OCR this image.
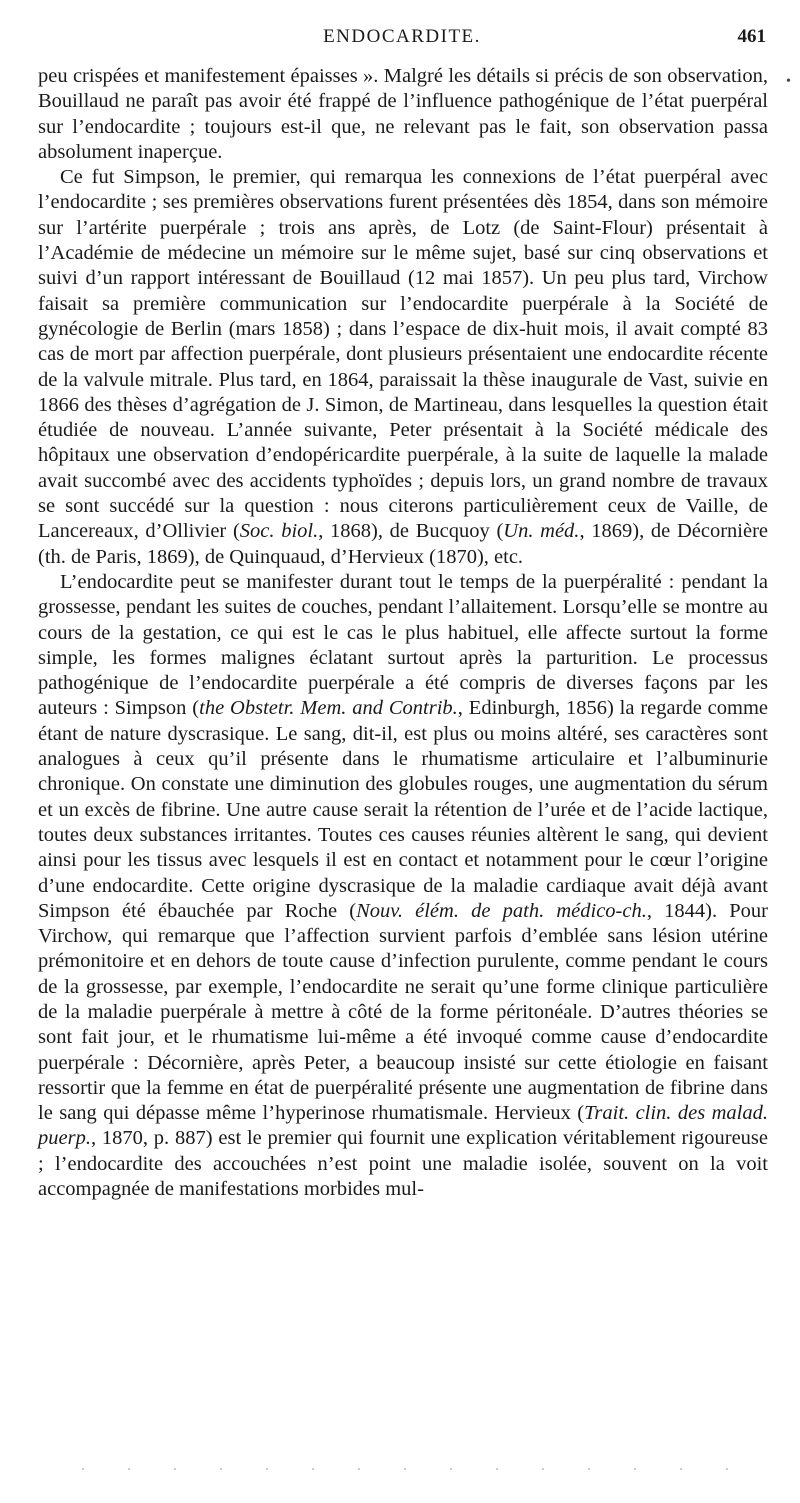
ENDOCARDITE.	461
•

peu crispées et manifestement épaisses ». Malgré les détails si précis de son observation, Bouillaud ne paraît pas avoir été frappé de l’influence pathogénique de l’état puerpéral sur l’endocardite ; toujours est-il que, ne relevant pas le fait, son observation passa absolument inaperçue.

Ce fut Simpson, le premier, qui remarqua les connexions de l’état puerpéral avec l’endocardite ; ses premières observations furent présentées dès 1854, dans son mémoire sur l’artérite puerpérale ; trois ans après, de Lotz (de Saint-Flour) présentait à l’Académie de médecine un mémoire sur le même sujet, basé sur cinq observations et suivi d’un rapport intéressant de Bouillaud (12 mai 1857). Un peu plus tard, Virchow faisait sa première communication sur l’endocardite puerpérale à la Société de gynécologie de Berlin (mars 1858) ; dans l’espace de dix-huit mois, il avait compté 83 cas de mort par affection puerpérale, dont plusieurs présentaient une endocardite récente de la valvule mitrale. Plus tard, en 1864, paraissait la thèse inaugurale de Vast, suivie en 1866 des thèses d’agrégation de J. Simon, de Martineau, dans lesquelles la question était étudiée de nouveau. L’année suivante, Peter présentait à la Société médicale des hôpitaux une observation d’endopéricardite puerpérale, à la suite de laquelle la malade avait succombé avec des accidents typhoïdes ; depuis lors, un grand nombre de travaux se sont succédé sur la question : nous citerons particulièrement ceux de Vaille, de Lancereaux, d’Ollivier (Soc. biol., 1868), de Bucquoy (Un. méd., 1869), de Décornière (th. de Paris, 1869), de Quinquaud, d’Hervieux (1870), etc.

L’endocardite peut se manifester durant tout le temps de la puerpéralité : pendant la grossesse, pendant les suites de couches, pendant l’allaitement. Lorsqu’elle se montre au cours de la gestation, ce qui est le cas le plus habituel, elle affecte surtout la forme simple, les formes malignes éclatant surtout après la parturition. Le processus pathogénique de l’endocardite puerpérale a été compris de diverses façons par les auteurs : Simpson (the Obstetr. Mem. and Contrib., Edinburgh, 1856) la regarde comme étant de nature dyscrasique. Le sang, dit-il, est plus ou moins altéré, ses caractères sont analogues à ceux qu’il présente dans le rhumatisme articulaire et l’albuminurie chronique. On constate une diminution des globules rouges, une augmentation du sérum et un excès de fibrine. Une autre cause serait la rétention de l’urée et de l’acide lactique, toutes deux substances irritantes. Toutes ces causes réunies altèrent le sang, qui devient ainsi pour les tissus avec lesquels il est en contact et notamment pour le cœur l’origine d’une endocardite. Cette origine dyscrasique de la maladie cardiaque avait déjà avant Simpson été ébauchée par Roche (Nouv. élém. de path. médico-ch., 1844). Pour Virchow, qui remarque que l’affection survient parfois d’emblée sans lésion utérine prémonitoire et en dehors de toute cause d’infection purulente, comme pendant le cours de la grossesse, par exemple, l’endocardite ne serait qu’une forme clinique particulière de la maladie puerpérale à mettre à côté de la forme péritonéale. D’autres théories se sont fait jour, et le rhumatisme lui-même a été invoqué comme cause d’endocardite puerpérale : Décornière, après Peter, a beaucoup insisté sur cette étiologie en faisant ressortir que la femme en état de puerpéralité présente une augmentation de fibrine dans le sang qui dépasse même l’hyperinose rhumatismale. Hervieux (Trait. clin. des malad. puerp., 1870, p. 887) est le premier qui fournit une explication véritablement rigoureuse ; l’endocardite des accouchées n’est point une maladie isolée, souvent on la voit accompagnée de manifestations morbides mul-
